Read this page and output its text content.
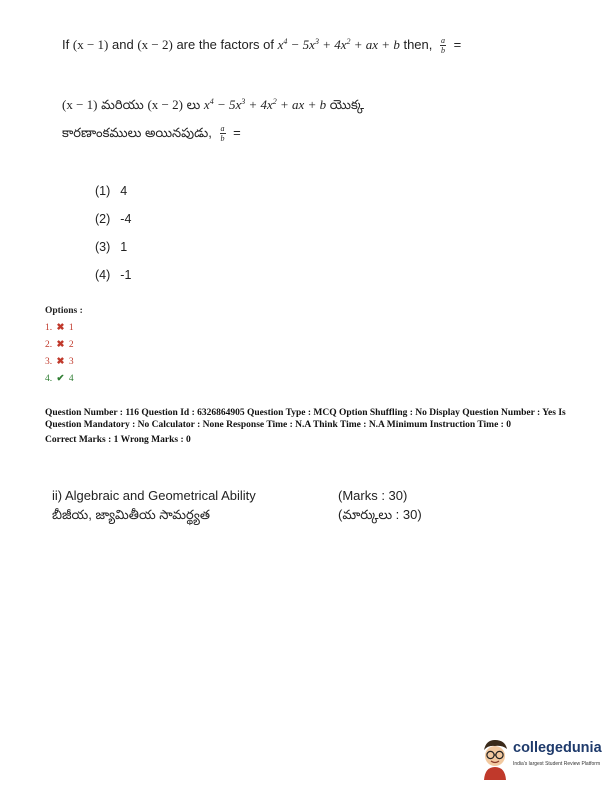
If (x − 1) and (x − 2) are the factors of $x^4 - 5x^3 + 4x^2$ + ax + b then, $\frac{a}{b}$ =
(x − 1) మరియు (x − 2) లు $x^4 - 5x^3 + 4x^2$ + ax + b యొక్క
కారణాంకములు అయినపుడు, $\frac{a}{b}$ =
(1) 4
(2) -4
(3) 1
(4) -1
Options :
1. ✖ 1
2. ✖ 2
3. ✖ 3
4. ✔ 4

Question Number : 116 Question Id : 6326864905 Question Type : MCQ Option Shuffling : No Display Question Number : Yes Is Question Mandatory : No Calculator : None Response Time : N.A Think Time : N.A Minimum Instruction Time : 0

Correct Marks : 1 Wrong Marks : 0

ii) Algebraic and Geometrical Ability
బీజీయ, జ్యామితీయ సామర్థ్యత
(Marks : 30)
(మార్కులు : 30)
collegedunia
India's largest Student Review Platform
